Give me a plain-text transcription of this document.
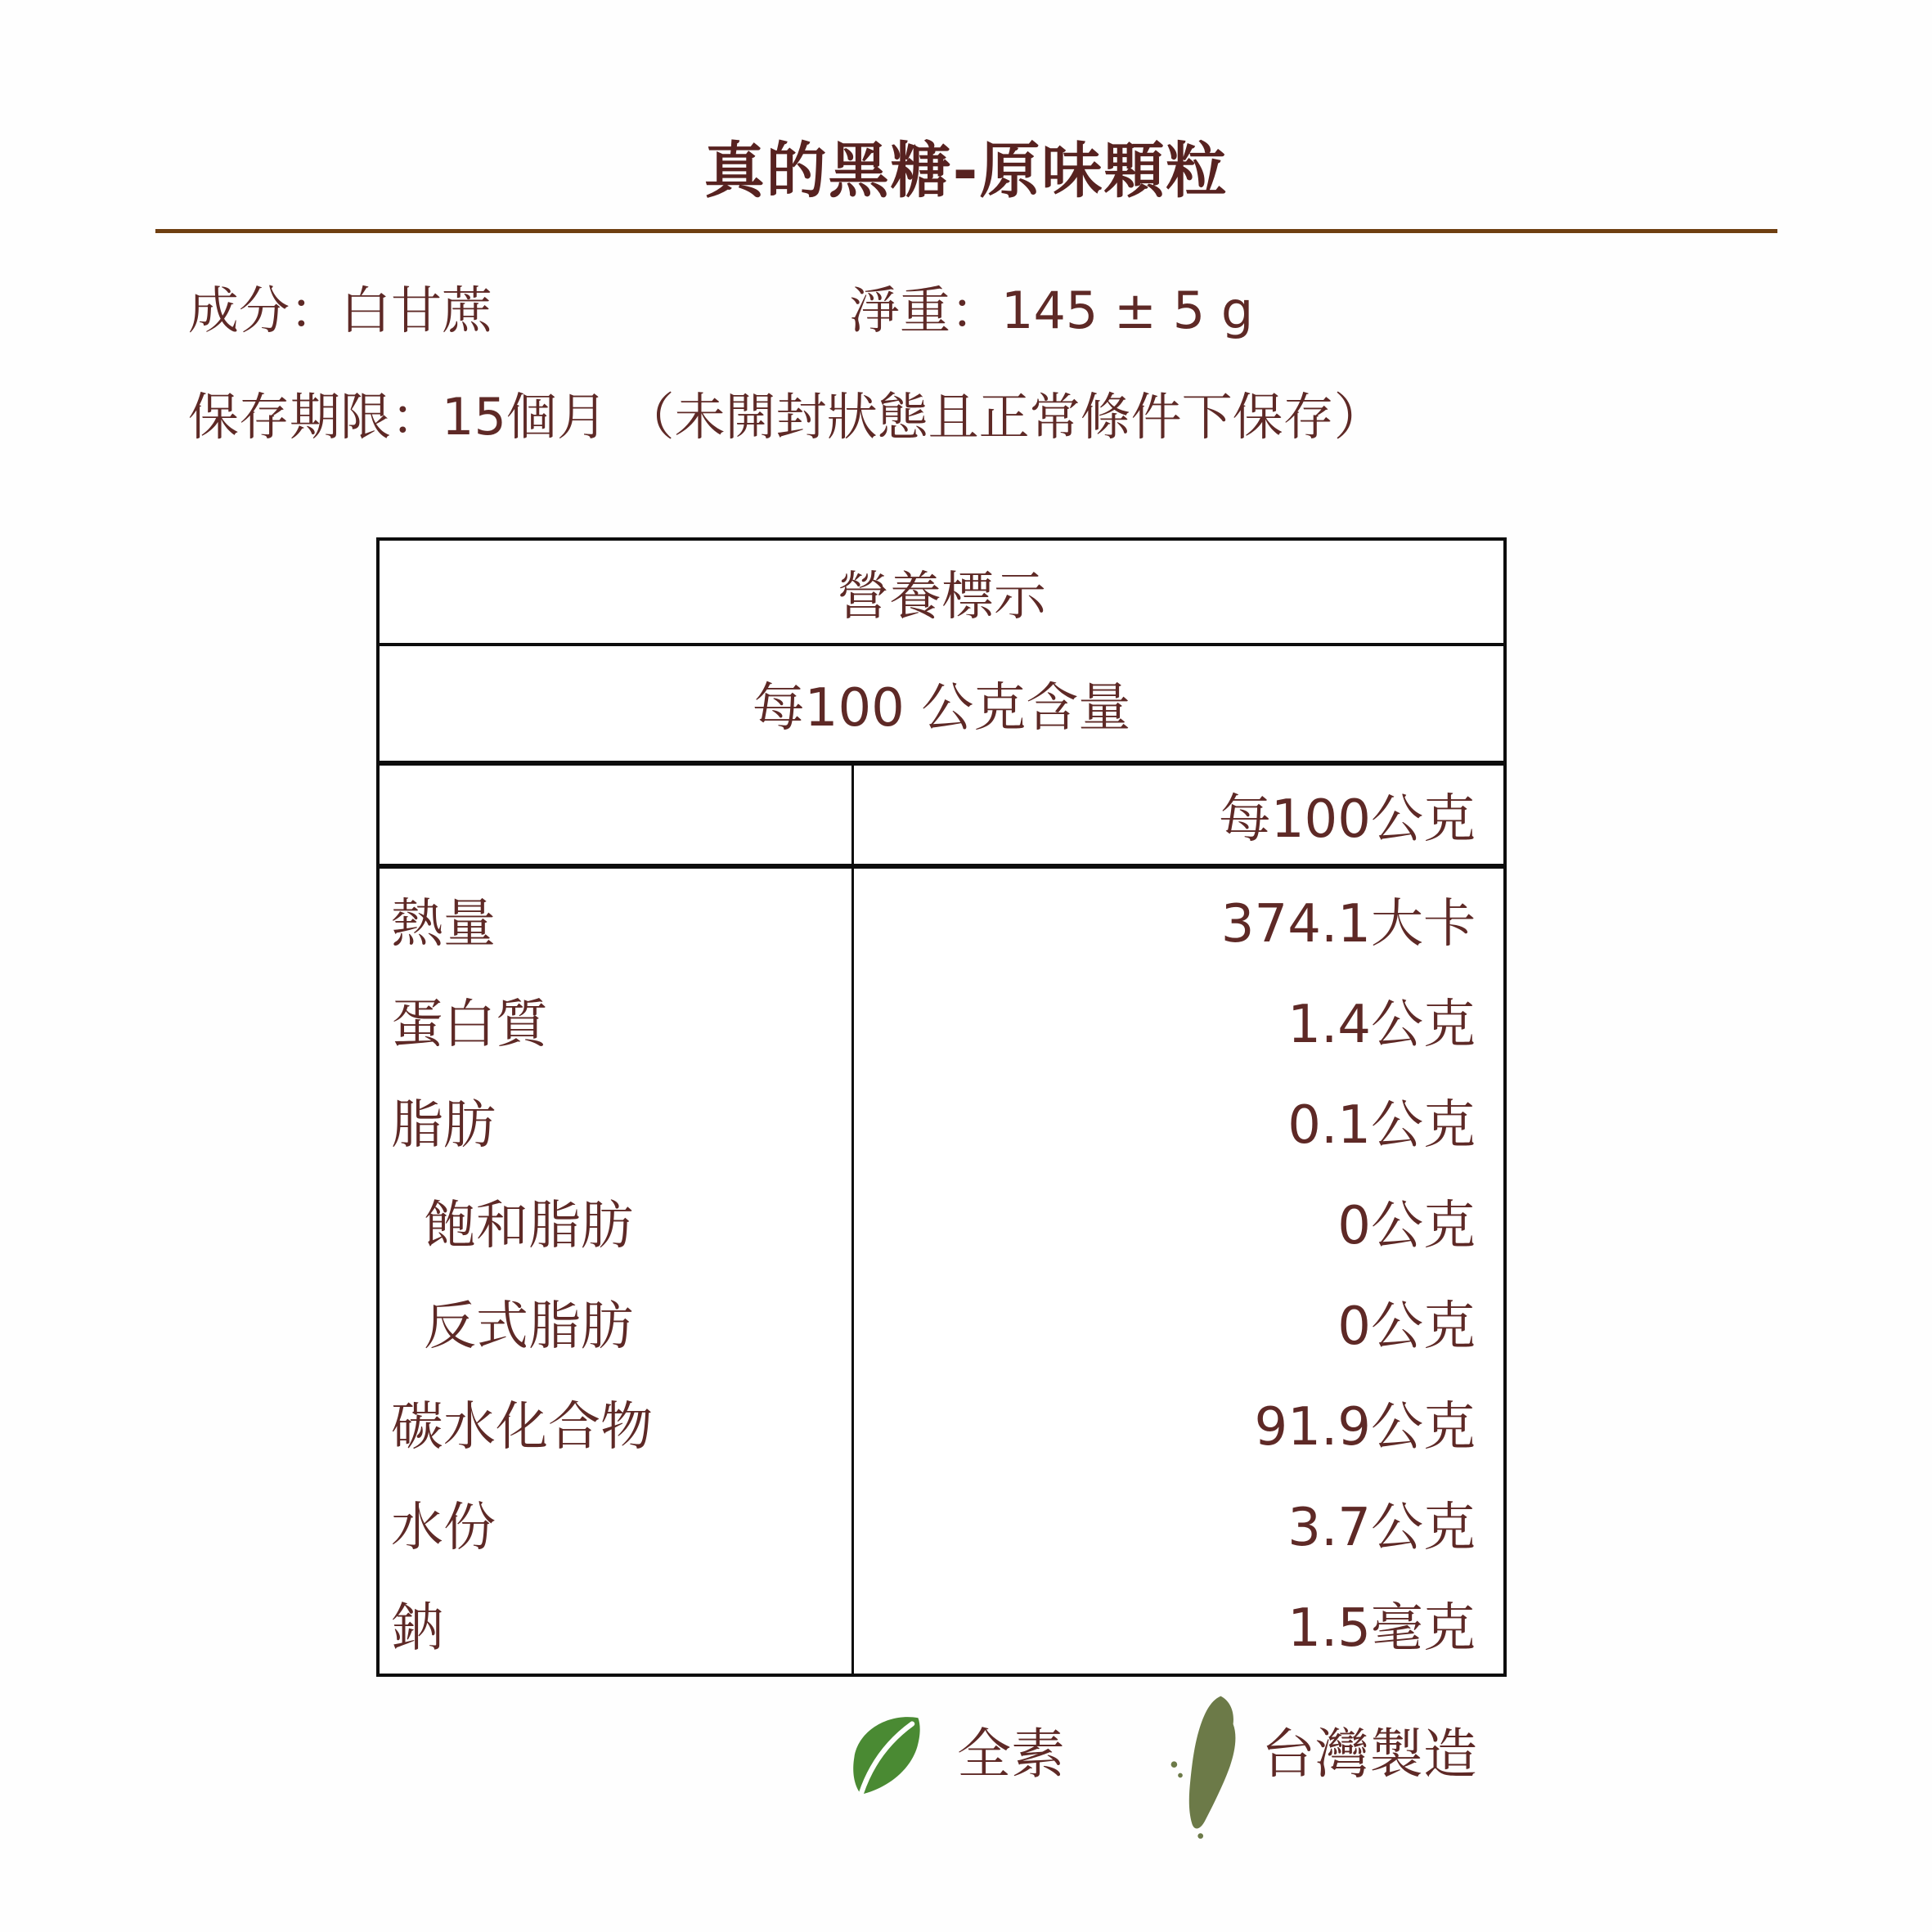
真的黑糖-原味顆粒
成分：白甘蔗	淨重：145 ± 5 g
保存期限：15個月 （未開封狀態且正常條件下保存）
營養標示
每100 公克含量
每100公克
熱量	374.1大卡
蛋白質	1.4公克
脂肪	0.1公克
飽和脂肪	0公克
反式脂肪	0公克
碳水化合物	91.9公克
水份	3.7公克
鈉	1.5毫克
全素	台灣製造
